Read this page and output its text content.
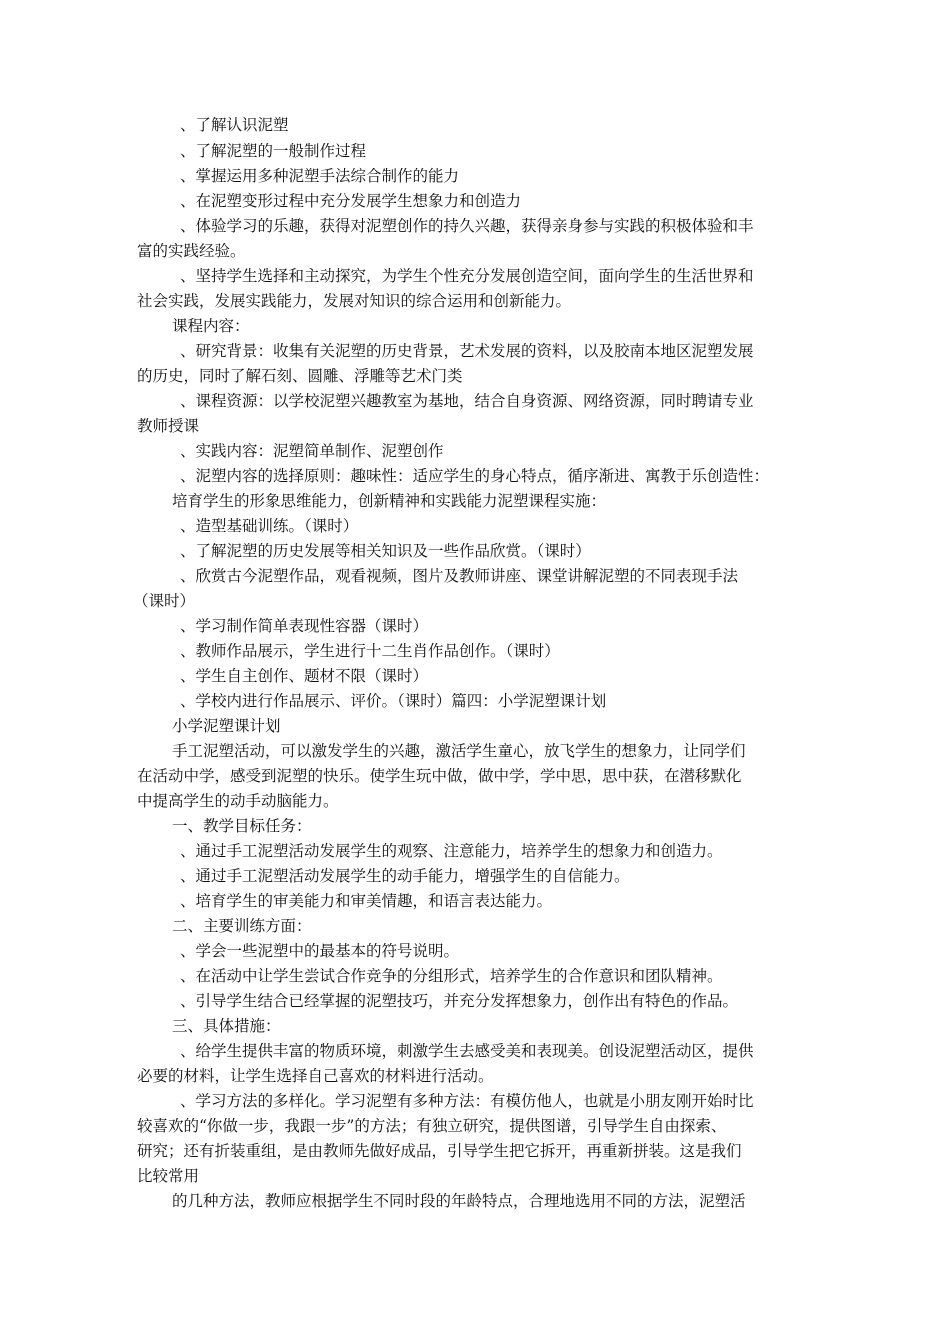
、了解认识泥塑
、了解泥塑的一般制作过程
、掌握运用多种泥塑手法综合制作的能力
、在泥塑变形过程中充分发展学生想象力和创造力
、体验学习的乐趣，获得对泥塑创作的持久兴趣，获得亲身参与实践的积极体验和丰
富的实践经验。
、坚持学生选择和主动探究，为学生个性充分发展创造空间，面向学生的生活世界和
社会实践，发展实践能力，发展对知识的综合运用和创新能力。
课程内容：
、研究背景：收集有关泥塑的历史背景，艺术发展的资料，以及胶南本地区泥塑发展
的历史，同时了解石刻、圆雕、浮雕等艺术门类
、课程资源：以学校泥塑兴趣教室为基地，结合自身资源、网络资源，同时聘请专业
教师授课
、实践内容：泥塑简单制作、泥塑创作
、泥塑内容的选择原则：趣味性：适应学生的身心特点，循序渐进、寓教于乐创造性：
培育学生的形象思维能力，创新精神和实践能力泥塑课程实施：
、造型基础训练。（课时）
、了解泥塑的历史发展等相关知识及一些作品欣赏。（课时）
、欣赏古今泥塑作品，观看视频，图片及教师讲座、课堂讲解泥塑的不同表现手法
（课时）
、学习制作简单表现性容器（课时）
、教师作品展示，学生进行十二生肖作品创作。（课时）
、学生自主创作、题材不限（课时）
、学校内进行作品展示、评价。（课时）篇四：小学泥塑课计划
小学泥塑课计划
手工泥塑活动，可以激发学生的兴趣，激活学生童心，放飞学生的想象力，让同学们
在活动中学，感受到泥塑的快乐。使学生玩中做，做中学，学中思，思中获，在潜移默化
中提高学生的动手动脑能力。
一、教学目标任务：
、通过手工泥塑活动发展学生的观察、注意能力，培养学生的想象力和创造力。
、通过手工泥塑活动发展学生的动手能力，增强学生的自信能力。
、培育学生的审美能力和审美情趣，和语言表达能力。
二、主要训练方面：
、学会一些泥塑中的最基本的符号说明。
、在活动中让学生尝试合作竞争的分组形式，培养学生的合作意识和团队精神。
、引导学生结合已经掌握的泥塑技巧，并充分发挥想象力，创作出有特色的作品。
三、具体措施：
、给学生提供丰富的物质环境，刺激学生去感受美和表现美。创设泥塑活动区，提供
必要的材料，让学生选择自己喜欢的材料进行活动。
、学习方法的多样化。学习泥塑有多种方法：有模仿他人，也就是小朋友刚开始时比
较喜欢的“你做一步，我跟一步”的方法；有独立研究，提供图谱，引导学生自由探索、
研究；还有折装重组，是由教师先做好成品，引导学生把它拆开，再重新拼装。这是我们
比较常用
的几种方法，教师应根据学生不同时段的年龄特点，合理地选用不同的方法，泥塑活
